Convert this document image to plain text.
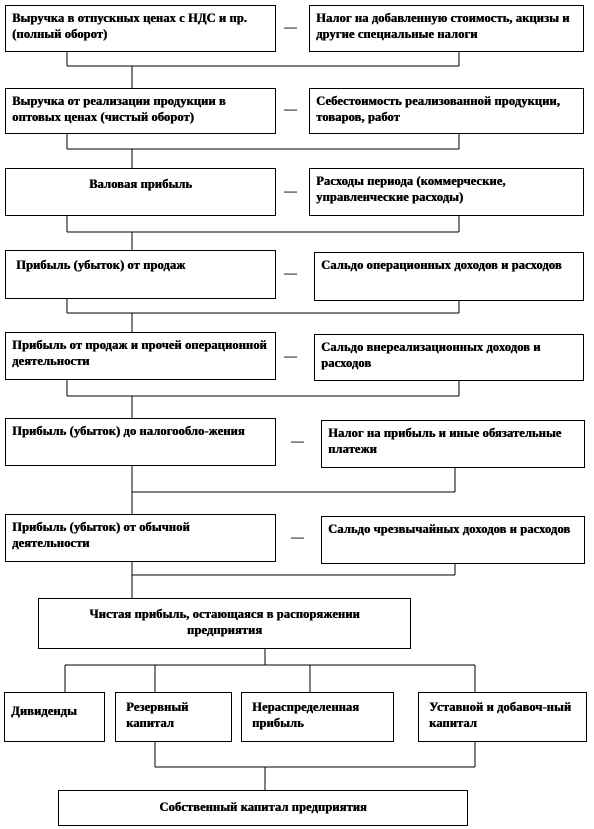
Выручка в отпускных ценах с НДС и пр. (полный оборот)	—
Налог на добавленную стоимость, акцизы и другие специальные налоги
Выручка от реализации продукции в оптовых ценах (чистый оборот)
— Себестоимость реализованной продукции, товаров, работ
Валовая прибыль	—
Расходы периода (коммерческие, управленческие расходы)
Прибыль (убыток) от продаж	— Сальдо операционных доходов и расходов
Прибыль от продаж и прочей операционной деятельности	—
Сальдо внереализационных доходов и расходов
Прибыль (убыток) до налогообло-жения
— Налог на прибыль и иные обязательные платежи
Прибыль (убыток) от обычной деятельности	— Сальдо чрезвычайных доходов и расходов
Чистая прибыль, остающаяся в распоряжении предприятия
Дивиденды	Резервный капитал
Нераспределенная прибыль
Уставной и добавоч-ный капитал
Собственный капитал предприятия
